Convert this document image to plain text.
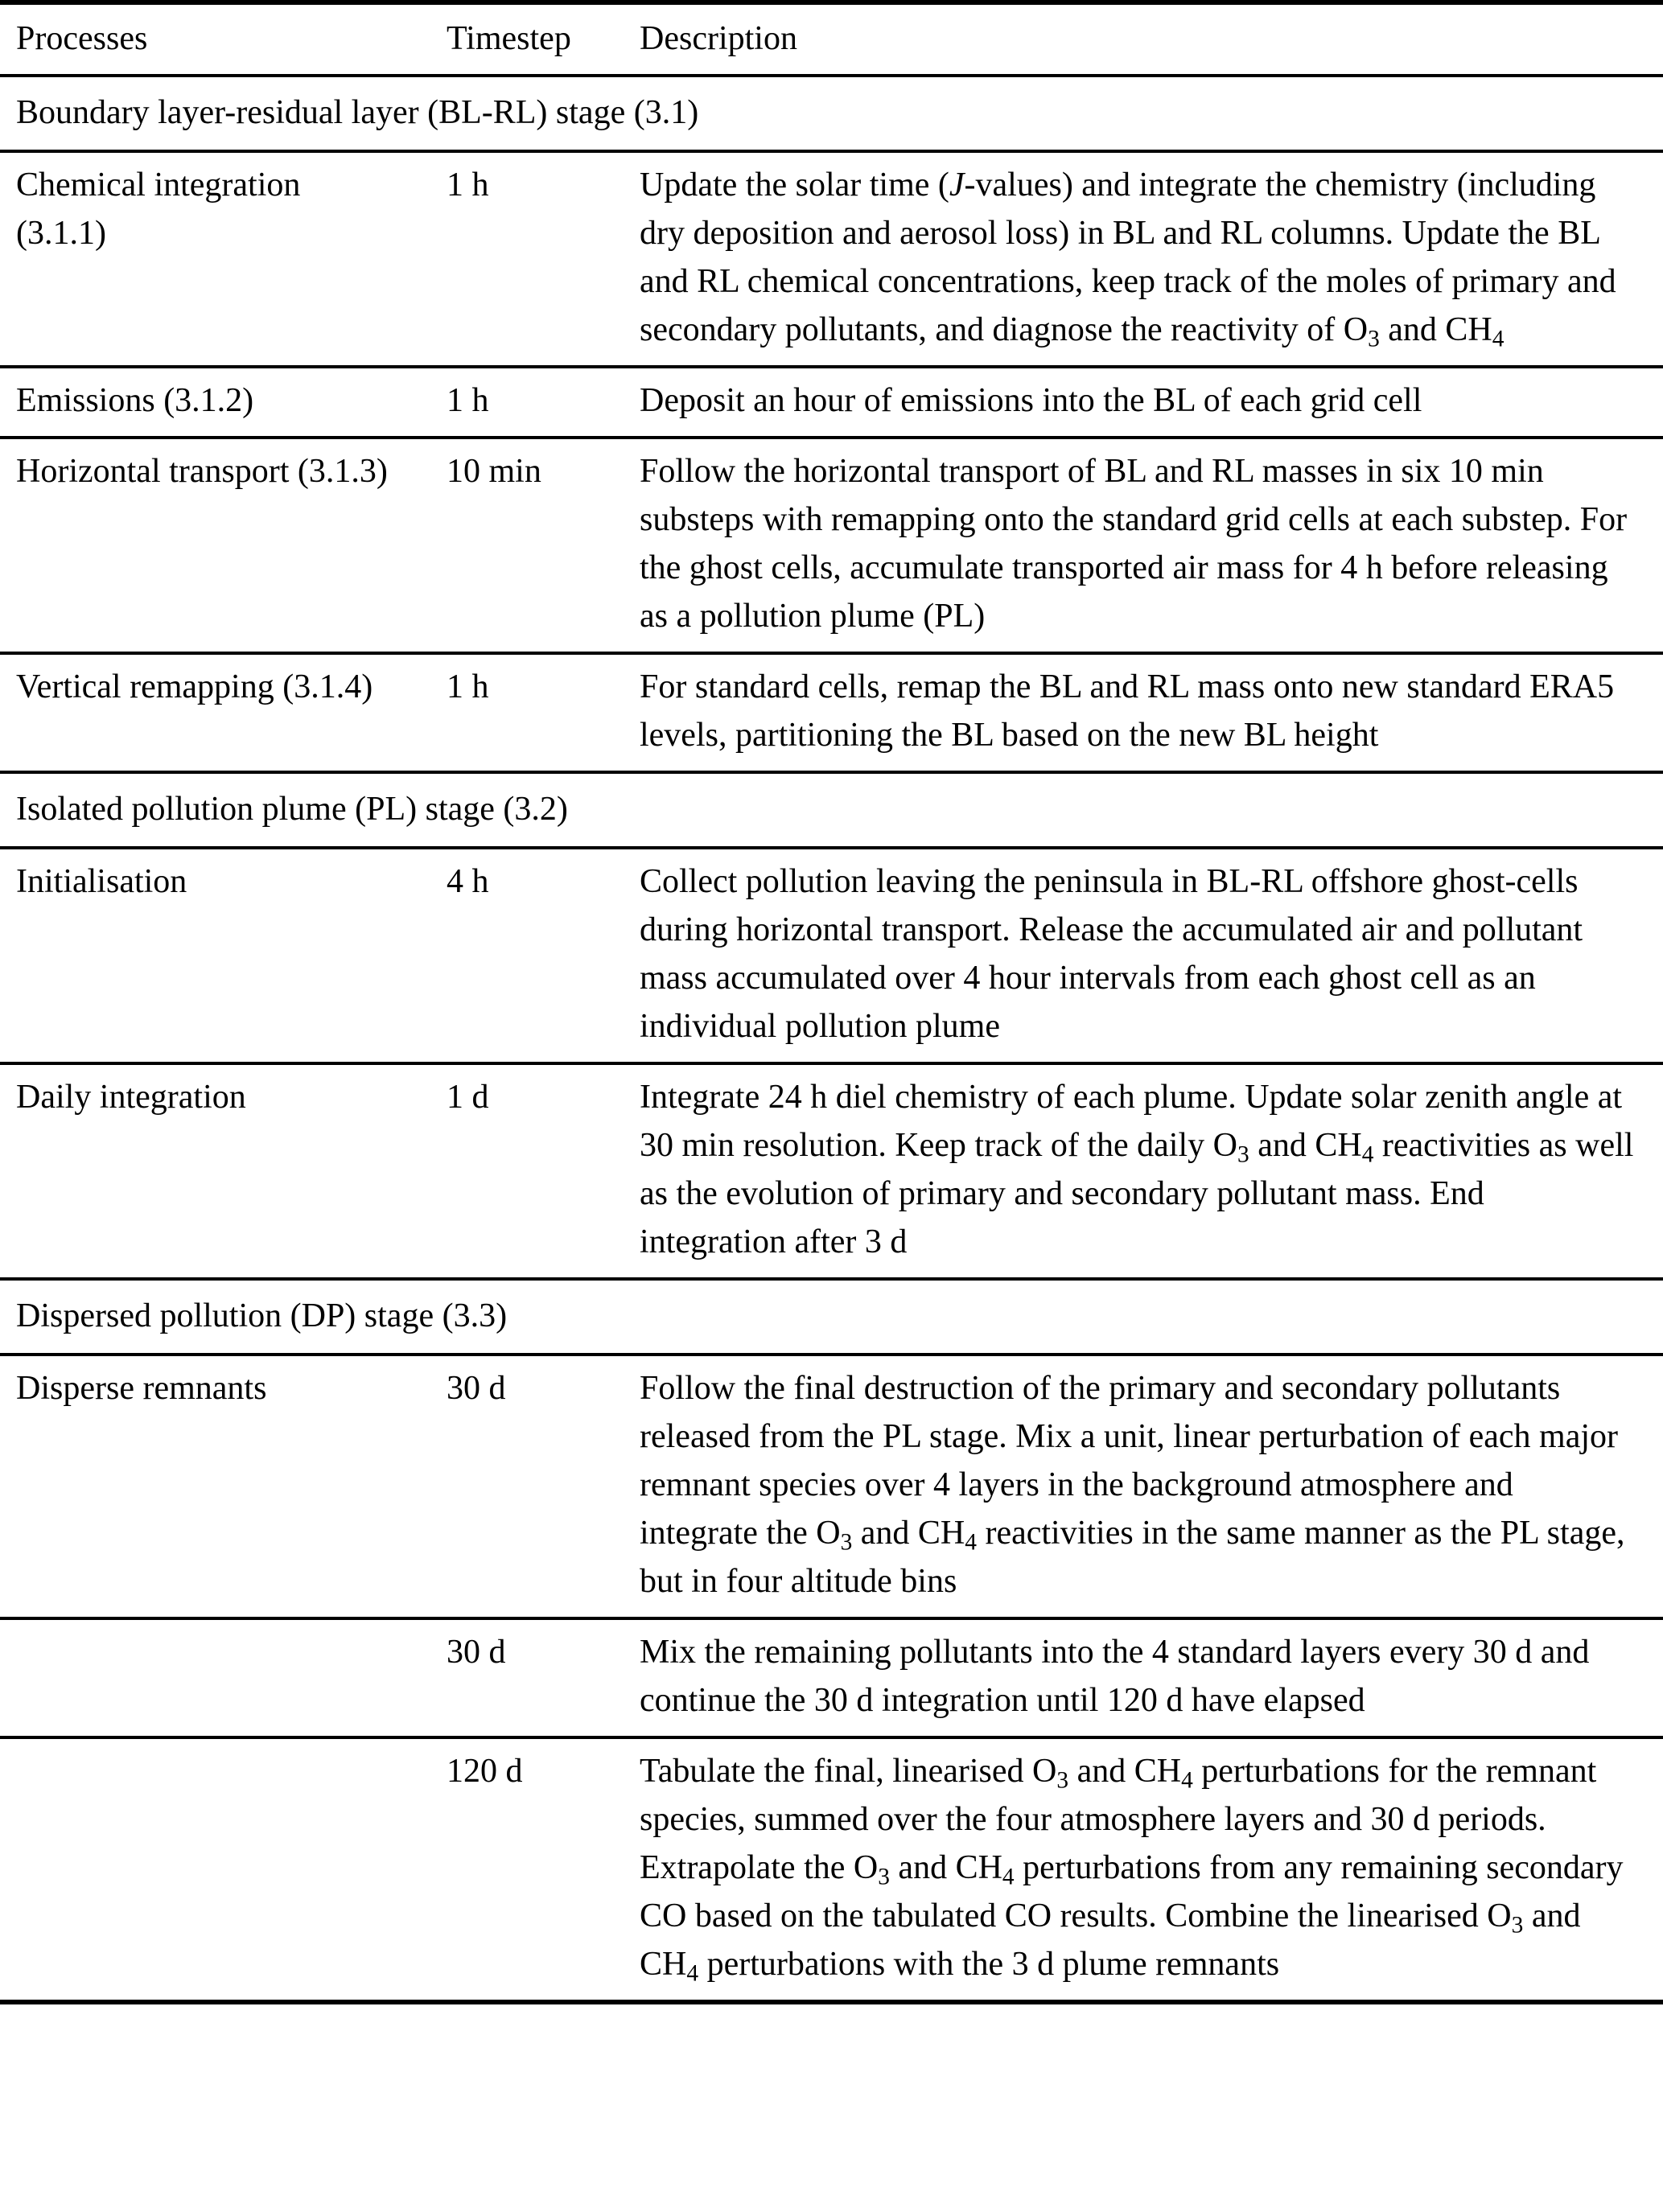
Processes	Timestep	Description
Boundary layer-residual layer (BL-RL) stage (3.1)		
Chemical integration (3.1.1)	1 h	Update the solar time (J-values) and integrate the chemistry (including dry deposition and aerosol loss) in BL and RL columns. Update the BL and RL chemical concentrations, keep track of the moles of primary and secondary pollutants, and diagnose the reactivity of $O_3$ and $CH_4$
Emissions (3.1.2)	1 h	Deposit an hour of emissions into the BL of each grid cell
Horizontal transport (3.1.3)	10 min	Follow the horizontal transport of BL and RL masses in six 10 min substeps with remapping onto the standard grid cells at each substep. For the ghost cells, accumulate transported air mass for 4 h before releasing as a pollution plume (PL)
Vertical remapping (3.1.4)	1 h	For standard cells, remap the BL and RL mass onto new standard ERA5 levels, partitioning the BL based on the new BL height
Isolated pollution plume (PL) stage (3.2)		
Initialisation	4 h	Collect pollution leaving the peninsula in BL-RL offshore ghost-cells during horizontal transport. Release the accumulated air and pollutant mass accumulated over 4 hour intervals from each ghost cell as an individual pollution plume
Daily integration	1 d	Integrate 24 h diel chemistry of each plume. Update solar zenith angle at 30 min resolution. Keep track of the daily $O_3$ and $CH_4$ reactivities as well as the evolution of primary and secondary pollutant mass. End integration after 3 d
Dispersed pollution (DP) stage (3.3)		
Disperse remnants	30 d	Follow the final destruction of the primary and secondary pollutants released from the PL stage. Mix a unit, linear perturbation of each major remnant species over 4 layers in the background atmosphere and integrate the $O_3$ and $CH_4$ reactivities in the same manner as the PL stage, but in four altitude bins
	30 d	Mix the remaining pollutants into the 4 standard layers every 30 d and continue the 30 d integration until 120 d have elapsed
	120 d	Tabulate the final, linearised $O_3$ and $CH_4$ perturbations for the remnant species, summed over the four atmosphere layers and 30 d periods. Extrapolate the $O_3$ and $CH_4$ perturbations from any remaining secondary CO based on the tabulated CO results. Combine the linearised $O_3$ and $CH_4$ perturbations with the 3 d plume remnants
